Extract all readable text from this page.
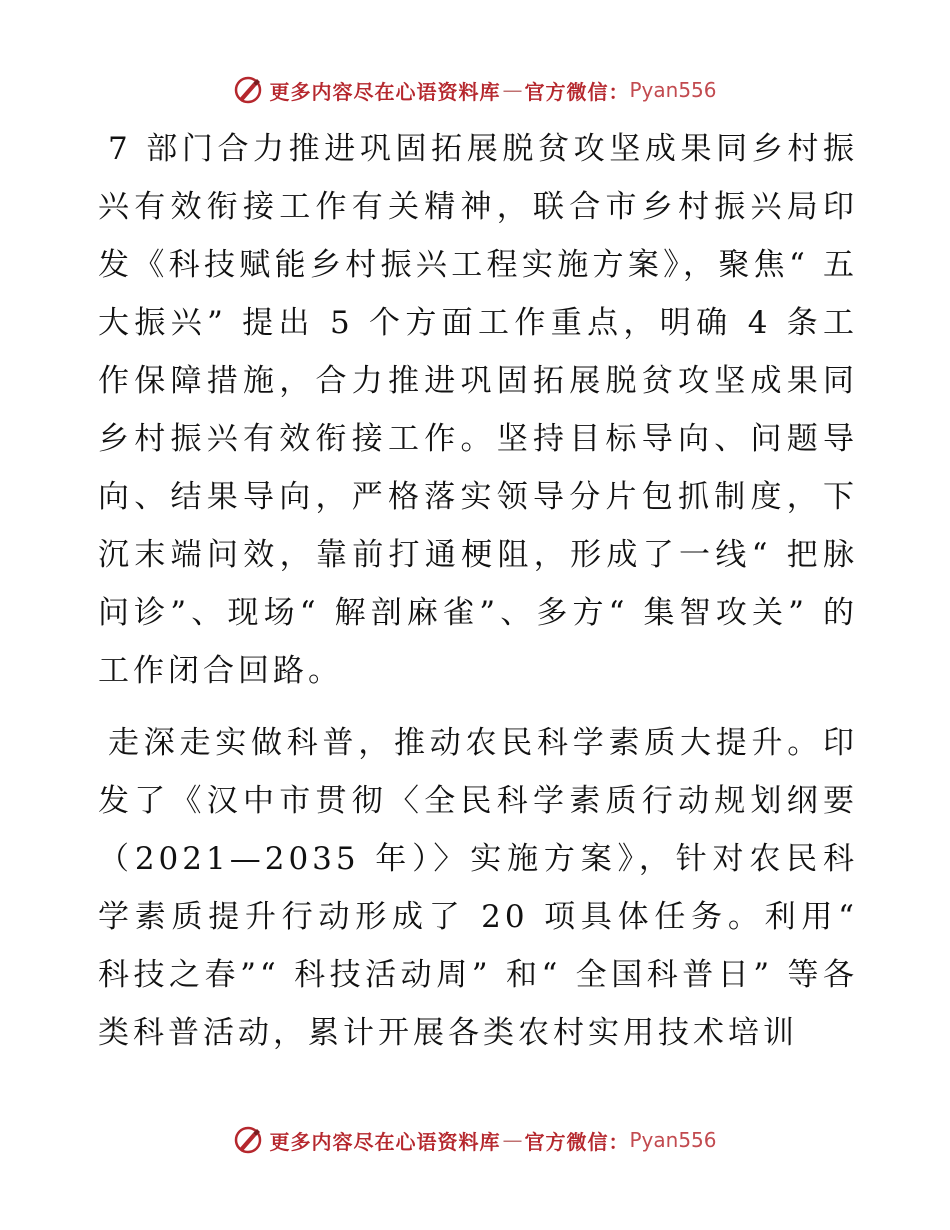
更多内容尽在心语资料库 — 官方微信： Pyan556

7 部门合力推进巩固拓展脱贫攻坚成果同乡村振兴有效衔接工作有关精神，联合市乡村振兴局印发《科技赋能乡村振兴工程实施方案》，聚焦“ 五大振兴” 提出 5 个方面工作重点，明确 4 条工作保障措施，合力推进巩固拓展脱贫攻坚成果同乡村振兴有效衔接工作。坚持目标导向、问题导向、结果导向，严格落实领导分片包抓制度，下沉末端问效，靠前打通梗阻，形成了一线“ 把脉问诊”、现场“ 解剖麻雀”、多方“ 集智攻关” 的工作闭合回路。

走深走实做科普，推动农民科学素质大提升。印发了《汉中市贯彻〈全民科学素质行动规划纲要（2021—2035 年）〉实施方案》，针对农民科学素质提升行动形成了 20 项具体任务。利用“ 科技之春”“ 科技活动周” 和“ 全国科普日” 等各类科普活动，累计开展各类农村实用技术培训

更多内容尽在心语资料库 — 官方微信： Pyan556
